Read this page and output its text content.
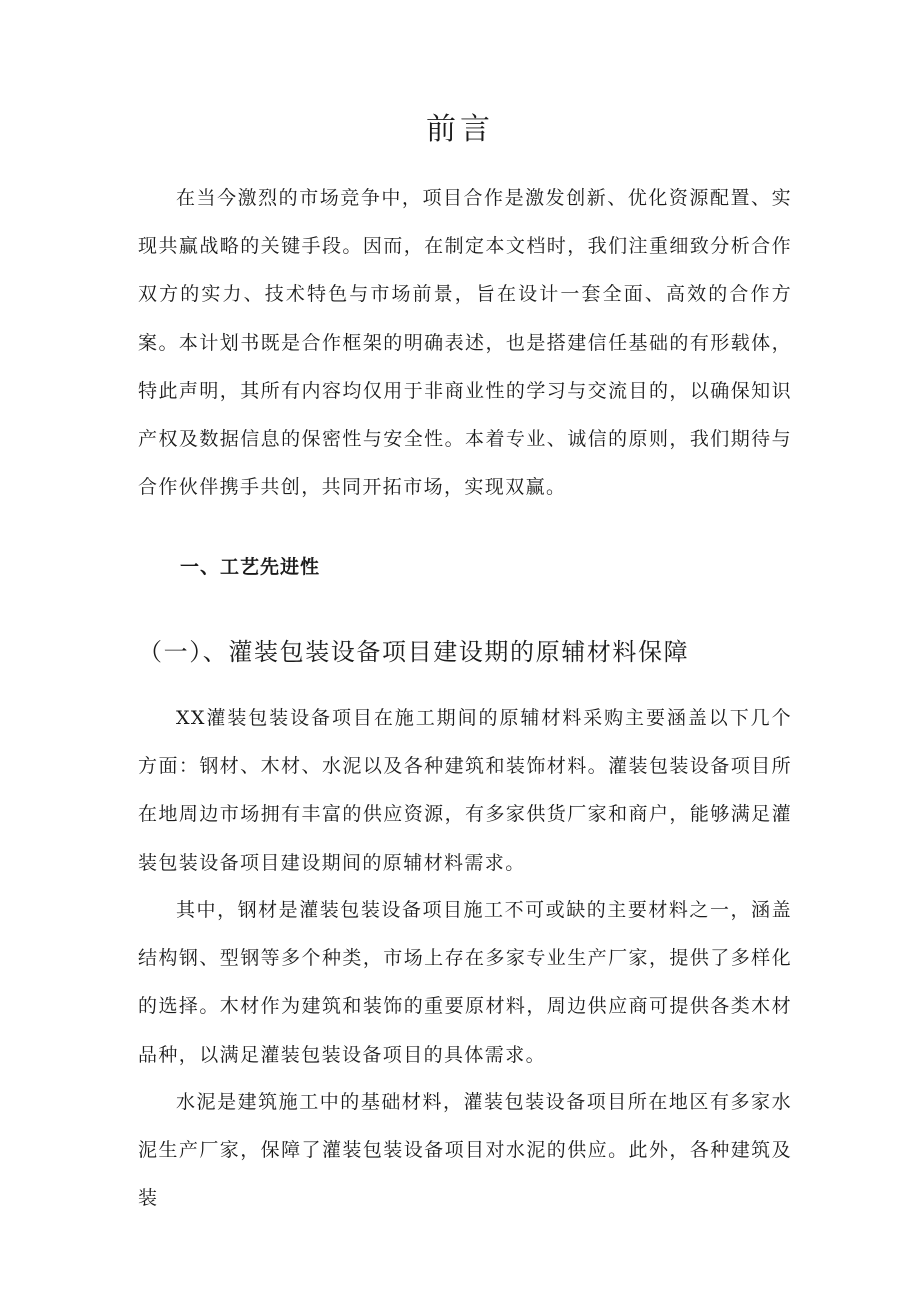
前言

在当今激烈的市场竞争中，项目合作是激发创新、优化资源配置、实现共赢战略的关键手段。因而，在制定本文档时，我们注重细致分析合作双方的实力、技术特色与市场前景，旨在设计一套全面、高效的合作方案。本计划书既是合作框架的明确表述，也是搭建信任基础的有形载体，特此声明，其所有内容均仅用于非商业性的学习与交流目的，以确保知识产权及数据信息的保密性与安全性。本着专业、诚信的原则，我们期待与合作伙伴携手共创，共同开拓市场，实现双赢。

一、工艺先进性
（一）、灌装包装设备项目建设期的原辅材料保障

XX灌装包装设备项目在施工期间的原辅材料采购主要涵盖以下几个方面：钢材、木材、水泥以及各种建筑和装饰材料。灌装包装设备项目所在地周边市场拥有丰富的供应资源，有多家供货厂家和商户，能够满足灌装包装设备项目建设期间的原辅材料需求。

其中，钢材是灌装包装设备项目施工不可或缺的主要材料之一，涵盖结构钢、型钢等多个种类，市场上存在多家专业生产厂家，提供了多样化的选择。木材作为建筑和装饰的重要原材料，周边供应商可提供各类木材品种，以满足灌装包装设备项目的具体需求。

水泥是建筑施工中的基础材料，灌装包装设备项目所在地区有多家水泥生产厂家，保障了灌装包装设备项目对水泥的供应。此外，各种建筑及装
